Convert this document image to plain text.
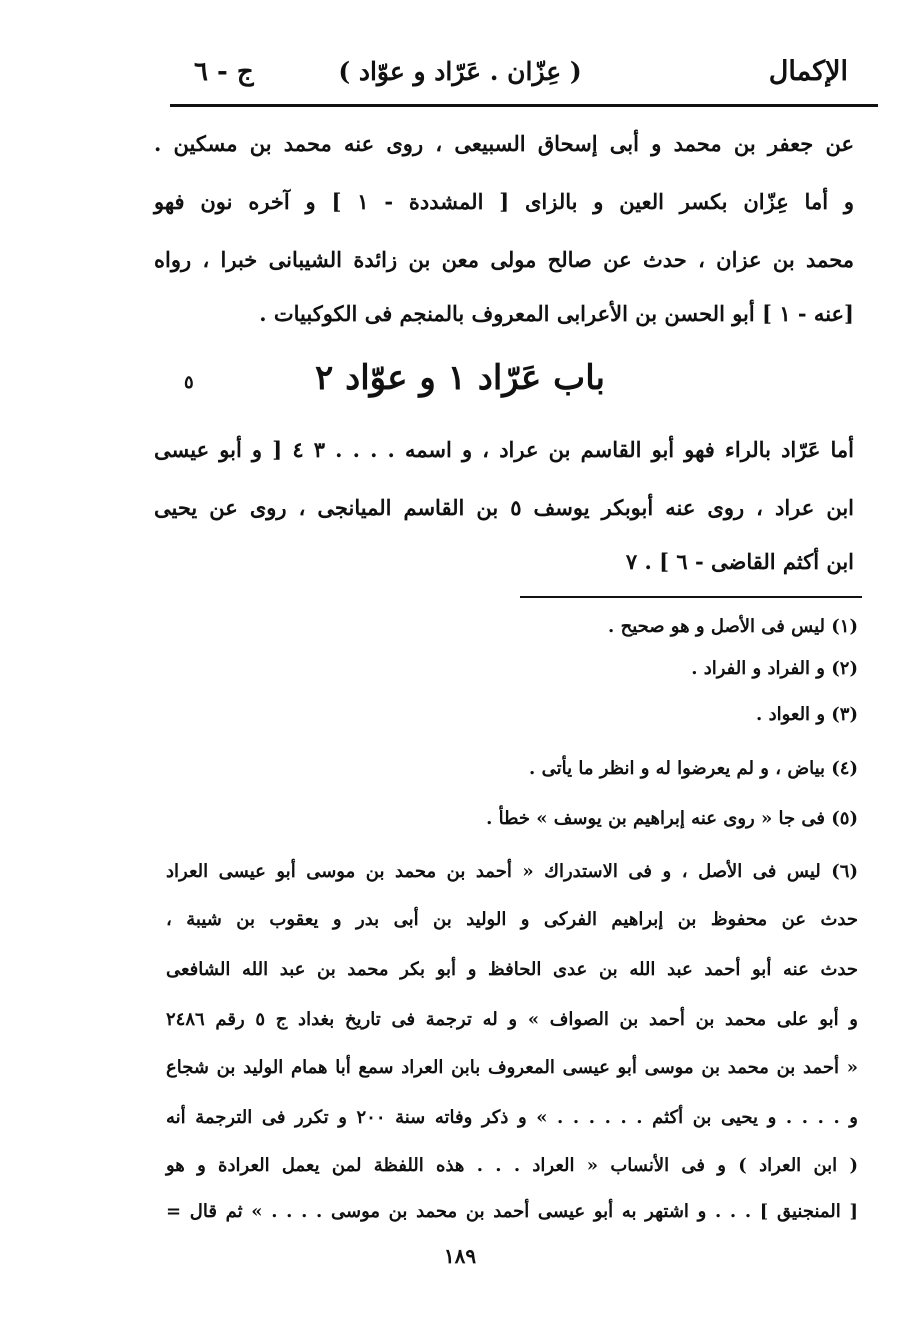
الإكمال
( عِزّان . عَرّاد و عوّاد )
ج - ٦
عن جعفر بن محمد و أبى إسحاق السبيعى ، روى عنه محمد بن مسكين .
و أما عِزّان بكسر العين و بالزاى [ المشددة - ١ ] و آخره نون فهو
محمد بن عزان ، حدث عن صالح مولى معن بن زائدة الشيبانى خبرا ، رواه
[عنه - ١ ] أبو الحسن بن الأعرابى المعروف بالمنجم فى الكوكبيات .
باب عَرّاد ١ و عوّاد ٢
٥
أما عَرّاد بالراء فهو أبو القاسم بن عراد ، و اسمه . . . . ٣ ٤ [ و أبو عيسى
ابن عراد ، روى عنه أبوبكر يوسف ٥ بن القاسم الميانجى ، روى عن يحيى
ابن أكثم القاضى - ٦ ] . ٧
(١) ليس فى الأصل و هو صحيح .
(٢) و الفراد و الفراد .
(٣) و العواد .
(٤) بياض ، و لم يعرضوا له و انظر ما يأتى .
(٥) فى جا « روى عنه إبراهيم بن يوسف » خطأ .
(٦) ليس فى الأصل ، و فى الاستدراك « أحمد بن محمد بن موسى أبو عيسى العراد
حدث عن محفوظ بن إبراهيم الفركى و الوليد بن أبى بدر و يعقوب بن شيبة ،
حدث عنه أبو أحمد عبد الله بن عدى الحافظ و أبو بكر محمد بن عبد الله الشافعى
و أبو على محمد بن أحمد بن الصواف » و له ترجمة فى تاريخ بغداد ج ٥ رقم ٢٤٨٦
« أحمد بن محمد بن موسى أبو عيسى المعروف بابن العراد سمع أبا همام الوليد بن شجاع
و . . . . و يحيى بن أكثم . . . . . . » و ذكر وفاته سنة ٢٠٠ و تكرر فى الترجمة أنه
( ابن العراد ) و فى الأنساب « العراد . . . هذه اللفظة لمن يعمل العرادة و هو
[ المنجنيق ] . . . و اشتهر به أبو عيسى أحمد بن محمد بن موسى . . . . » ثم قال =
١٨٩
